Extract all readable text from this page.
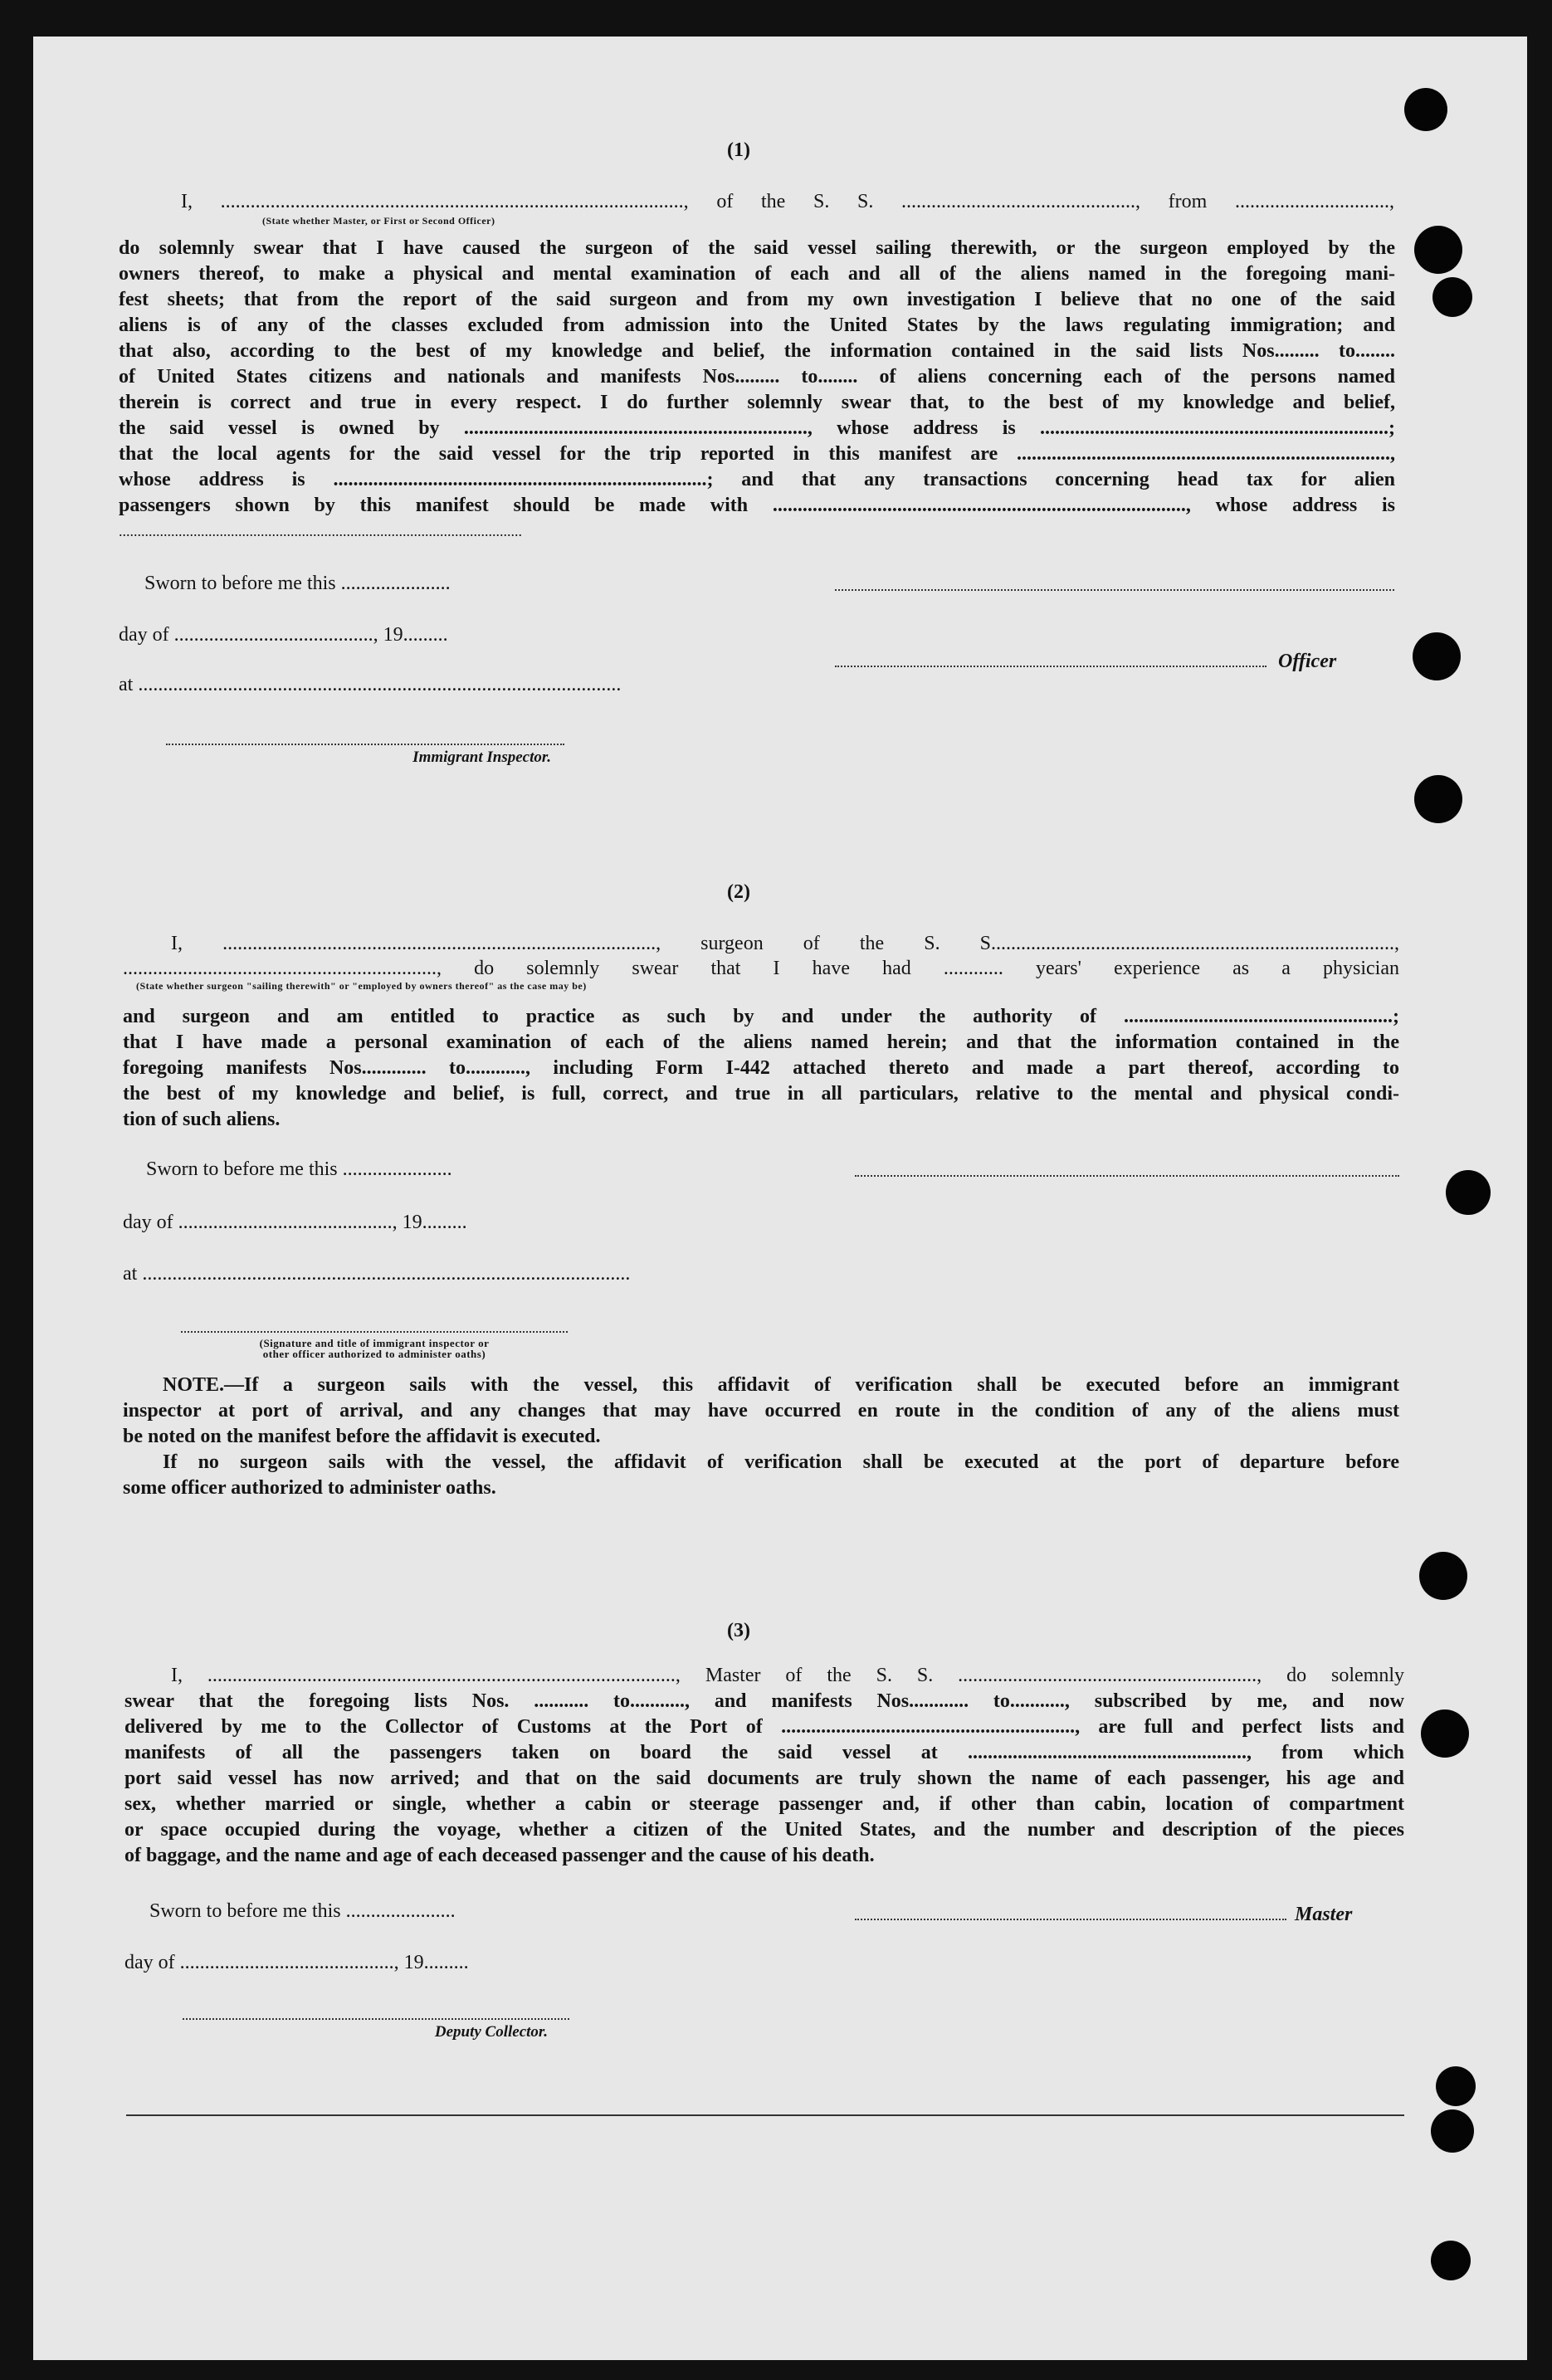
(1)
I, ............................................................................................., of the S. S. ..............................................., from ...............................,
(State whether Master, or First or Second Officer)
do solemnly swear that I have caused the surgeon of the said vessel sailing therewith, or the surgeon employed by the
owners thereof, to make a physical and mental examination of each and all of the aliens named in the foregoing mani-
fest sheets; that from the report of the said surgeon and from my own investigation I believe that no one of the said
aliens is of any of the classes excluded from admission into the United States by the laws regulating immigration; and
that also, according to the best of my knowledge and belief, the information contained in the said lists Nos......... to........
of United States citizens and nationals and manifests Nos......... to........ of aliens concerning each of the persons named
therein is correct and true in every respect. I do further solemnly swear that, to the best of my knowledge and belief,
the said vessel is owned by ....................................................................., whose address is ......................................................................;
that the local agents for the said vessel for the trip reported in this manifest are ...........................................................................,
whose address is ...........................................................................; and that any transactions concerning head tax for alien
passengers shown by this manifest should be made with ..................................................................................., whose address is
............................................................................................................
Sworn to before me this ......................
day of ........................................, 19.........
Officer
at .................................................................................................
Immigrant Inspector.
(2)
I, ......................................................................................., surgeon of the S. S.................................................................................,
..............................................................., do solemnly swear that I have had ............ years' experience as a physician
(State whether surgeon "sailing therewith" or "employed by owners thereof" as the case may be)
and surgeon and am entitled to practice as such by and under the authority of ......................................................;
that I have made a personal examination of each of the aliens named herein; and that the information contained in the
foregoing manifests Nos............. to............, including Form I-442 attached thereto and made a part thereof, according to
the best of my knowledge and belief, is full, correct, and true in all particulars, relative to the mental and physical condi-
tion of such aliens.
Sworn to before me this ......................
day of ..........................................., 19.........
at ..................................................................................................
(Signature and title of immigrant inspector or
other officer authorized to administer oaths)
NOTE.—If a surgeon sails with the vessel, this affidavit of verification shall be executed before an immigrant
inspector at port of arrival, and any changes that may have occurred en route in the condition of any of the aliens must
be noted on the manifest before the affidavit is executed.
If no surgeon sails with the vessel, the affidavit of verification shall be executed at the port of departure before
some officer authorized to administer oaths.
(3)
I, .............................................................................................., Master of the S. S. ............................................................, do solemnly
swear that the foregoing lists Nos. ........... to..........., and manifests Nos............ to..........., subscribed by me, and now
delivered by me to the Collector of Customs at the Port of ..........................................................., are full and perfect lists and
manifests of all the passengers taken on board the said vessel at ........................................................, from which
port said vessel has now arrived; and that on the said documents are truly shown the name of each passenger, his age and
sex, whether married or single, whether a cabin or steerage passenger and, if other than cabin, location of compartment
or space occupied during the voyage, whether a citizen of the United States, and the number and description of the pieces
of baggage, and the name and age of each deceased passenger and the cause of his death.
Sworn to before me this ......................	Master
day of ..........................................., 19.........
Deputy Collector.
